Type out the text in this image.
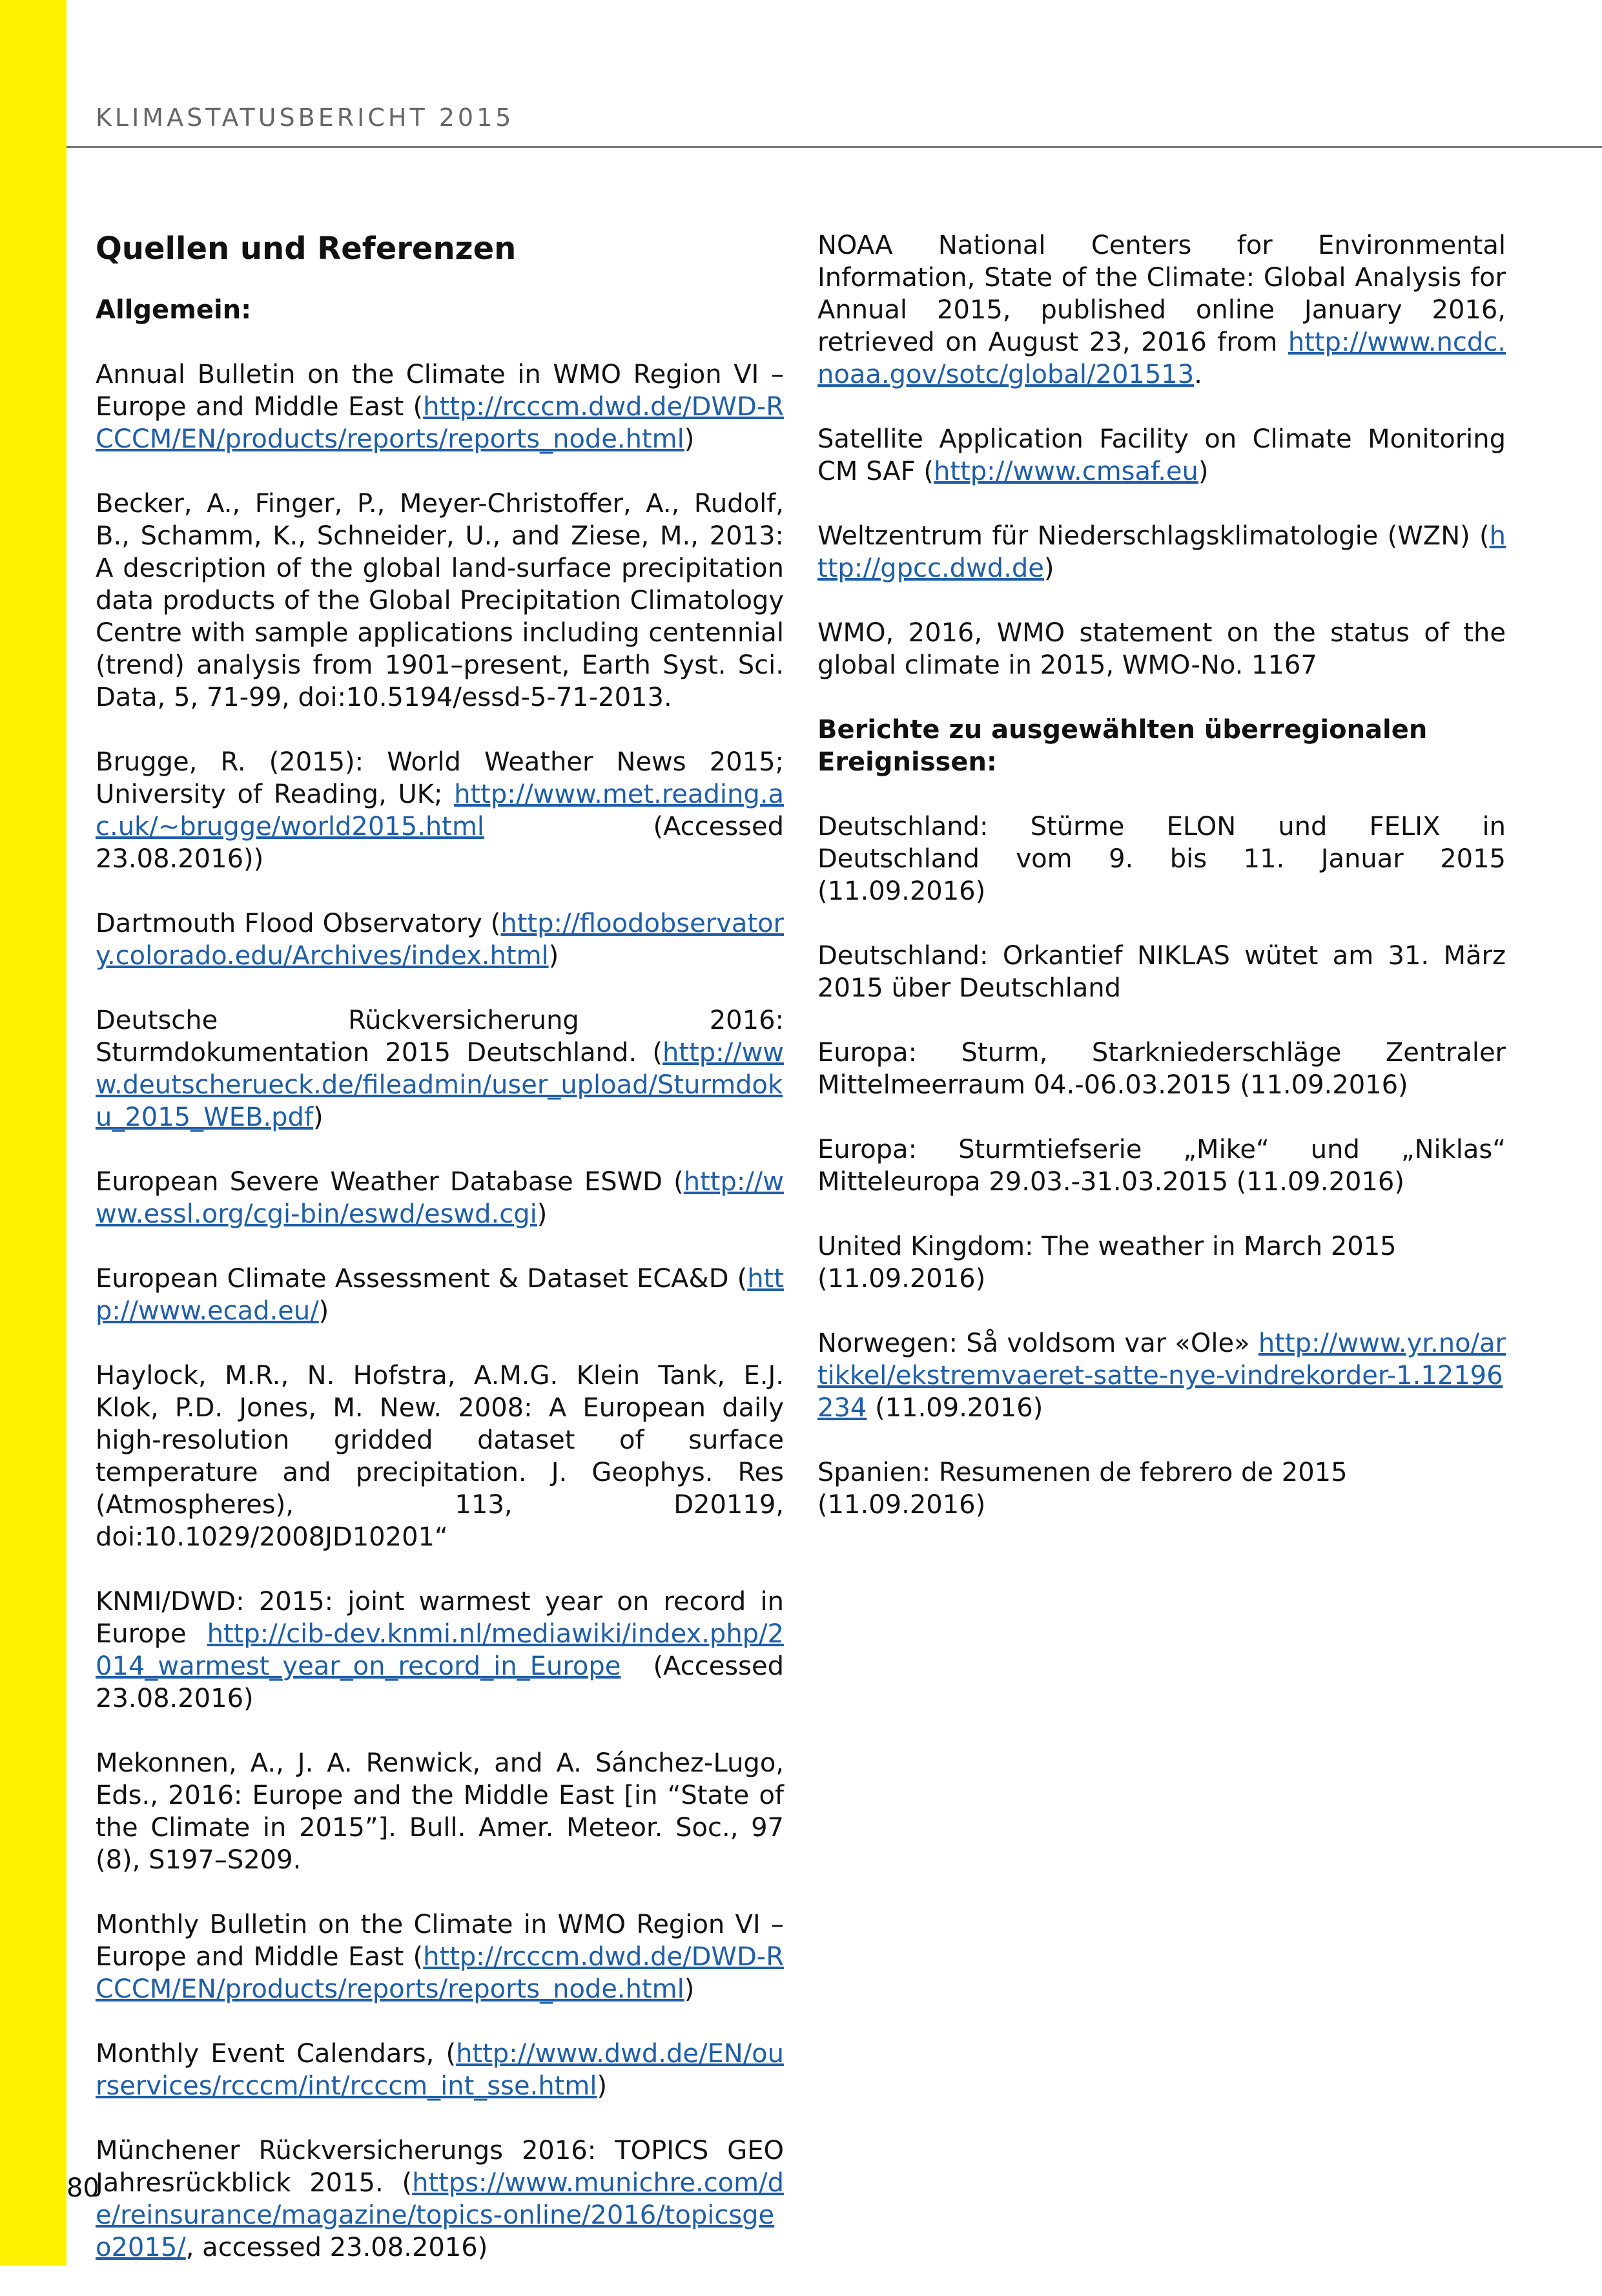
KLIMASTATUSBERICHT 2015
Quellen und Referenzen
Allgemein:

Annual Bulletin on the Climate in WMO Region VI – Europe and Middle East (http://rcccm.dwd.de/DWD-RCCCM/EN/products/reports/reports_node.html)

Becker, A., Finger, P., Meyer-Christoffer, A., Rudolf, B., Schamm, K., Schneider, U., and Ziese, M., 2013: A description of the global land-surface precipitation data products of the Global Precipitation Climatology Centre with sample applications including centennial (trend) analysis from 1901–present, Earth Syst. Sci. Data, 5, 71-99, doi:10.5194/essd-5-71-2013.

Brugge, R. (2015): World Weather News 2015; University of Reading, UK; http://www.met.reading.ac.uk/~brugge/world2015.html (Accessed 23.08.2016))

Dartmouth Flood Observatory (http://floodobservatory.colorado.edu/Archives/index.html)

Deutsche Rückversicherung 2016: Sturmdokumentation 2015 Deutschland. (http://www.deutscherueck.de/fileadmin/user_upload/Sturmdoku_2015_WEB.pdf)

European Severe Weather Database ESWD (http://www.essl.org/cgi-bin/eswd/eswd.cgi)

European Climate Assessment & Dataset ECA&D (http://www.ecad.eu/)

Haylock, M.R., N. Hofstra, A.M.G. Klein Tank, E.J. Klok, P.D. Jones, M. New. 2008: A European daily high-resolution gridded dataset of surface temperature and precipitation. J. Geophys. Res (Atmospheres), 113, D20119, doi:10.1029/2008JD10201“

KNMI/DWD: 2015: joint warmest year on record in Europe http://cib-dev.knmi.nl/mediawiki/index.php/2014_warmest_year_on_record_in_Europe (Accessed 23.08.2016)

Mekonnen, A., J. A. Renwick, and A. Sánchez-Lugo, Eds., 2016: Europe and the Middle East [in “State of the Climate in 2015”]. Bull. Amer. Meteor. Soc., 97 (8), S197–S209.

Monthly Bulletin on the Climate in WMO Region VI – Europe and Middle East (http://rcccm.dwd.de/DWD-RCCCM/EN/products/reports/reports_node.html)

Monthly Event Calendars, (http://www.dwd.de/EN/ourservices/rcccm/int/rcccm_int_sse.html)

Münchener Rückversicherungs 2016: TOPICS GEO Jahresrückblick 2015. (https://www.munichre.com/de/reinsurance/magazine/topics-online/2016/topicsgeo2015/, accessed 23.08.2016)

NOAA National Centers for Environmental Information, State of the Climate: Global Analysis for Annual 2015, published online January 2016, retrieved on August 23, 2016 from http://www.ncdc.noaa.gov/sotc/global/201513.

Satellite Application Facility on Climate Monitoring CM SAF (http://www.cmsaf.eu)

Weltzentrum für Niederschlagsklimatologie (WZN) (http://gpcc.dwd.de)

WMO, 2016, WMO statement on the status of the global climate in 2015, WMO-No. 1167

Berichte zu ausgewählten überregionalen Ereignissen:

Deutschland: Stürme ELON und FELIX in Deutschland vom 9. bis 11. Januar 2015 (11.09.2016)

Deutschland: Orkantief NIKLAS wütet am 31. März 2015 über Deutschland

Europa: Sturm, Starkniederschläge Zentraler Mittelmeerraum 04.-06.03.2015 (11.09.2016)

Europa: Sturmtiefserie „Mike“ und „Niklas“ Mitteleuropa 29.03.-31.03.2015 (11.09.2016)

United Kingdom: The weather in March 2015 (11.09.2016)

Norwegen: Så voldsom var «Ole» http://www.yr.no/artikkel/ekstremvaeret-satte-nye-vindrekorder-1.12196234 (11.09.2016)

Spanien: Resumenen de febrero de 2015 (11.09.2016)

80
